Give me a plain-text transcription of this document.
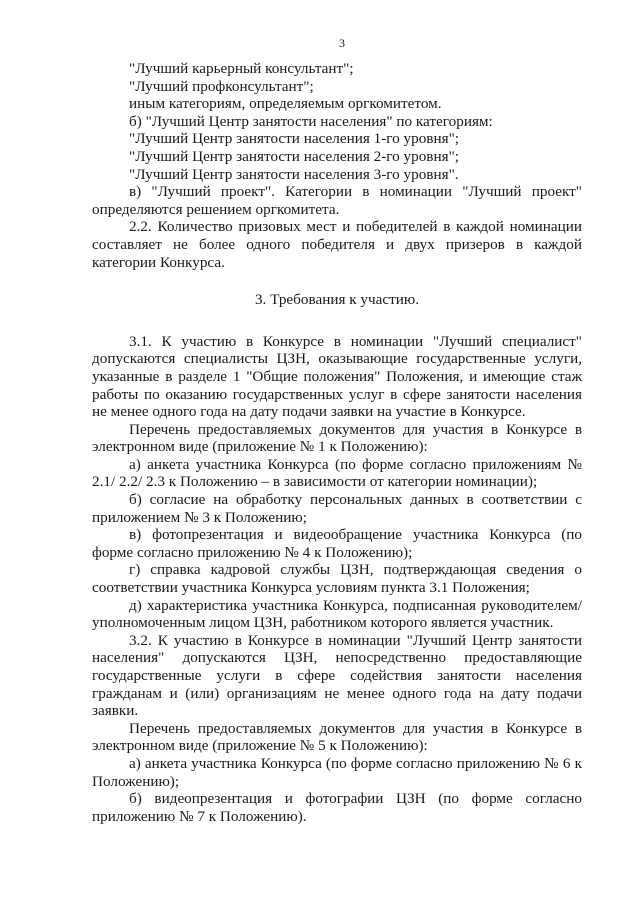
3

"Лучший карьерный консультант";

"Лучший профконсультант";

иным категориям, определяемым оргкомитетом.

б) "Лучший Центр занятости населения" по категориям:

"Лучший Центр занятости населения 1-го уровня";

"Лучший Центр занятости населения 2-го уровня";

"Лучший Центр занятости населения 3-го уровня".

в) "Лучший проект". Категории в номинации "Лучший проект" определяются решением оргкомитета.

2.2. Количество призовых мест и победителей в каждой номинации составляет не более одного победителя и двух призеров в каждой категории Конкурса.

3. Требования к участию.

3.1. К участию в Конкурсе в номинации "Лучший специалист" допускаются специалисты ЦЗН, оказывающие государственные услуги, указанные в разделе 1 "Общие положения" Положения, и имеющие стаж работы по оказанию государственных услуг в сфере занятости населения не менее одного года на дату подачи заявки на участие в Конкурсе.

Перечень предоставляемых документов для участия в Конкурсе в электронном виде (приложение № 1 к Положению):

а) анкета участника Конкурса (по форме согласно приложениям № 2.1/ 2.2/ 2.3 к Положению – в зависимости от категории номинации);

б) согласие на обработку персональных данных в соответствии с приложением № 3 к Положению;

в) фотопрезентация и видеообращение участника Конкурса (по форме согласно приложению № 4 к Положению);

г) справка кадровой службы ЦЗН, подтверждающая сведения о соответствии участника Конкурса условиям пункта 3.1 Положения;

д) характеристика участника Конкурса, подписанная руководителем/уполномоченным лицом ЦЗН, работником которого является участник.

3.2. К участию в Конкурсе в номинации "Лучший Центр занятости населения" допускаются ЦЗН, непосредственно предоставляющие государственные услуги в сфере содействия занятости населения гражданам и (или) организациям не менее одного года на дату подачи заявки.

Перечень предоставляемых документов для участия в Конкурсе в электронном виде (приложение № 5 к Положению):

а) анкета участника Конкурса (по форме согласно приложению № 6 к Положению);

б) видеопрезентация и фотографии ЦЗН (по форме согласно приложению № 7 к Положению).
